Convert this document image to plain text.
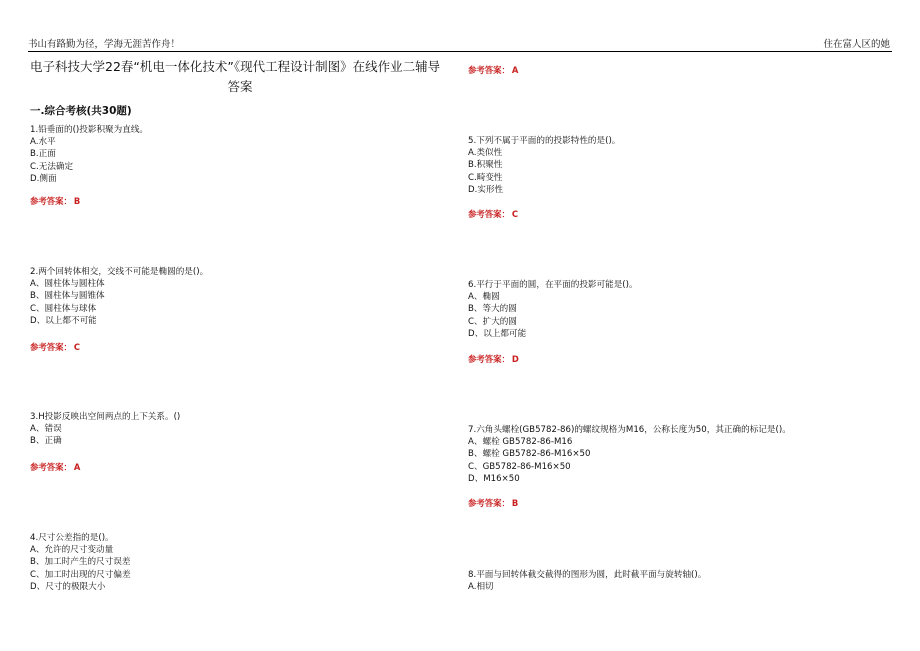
书山有路勤为径，学海无涯苦作舟！	住在富人区的她
电子科技大学22春“机电一体化技术”《现代工程设计制图》在线作业二辅导
答案
一.综合考核(共30题)
1.铅垂面的()投影积聚为直线。
A.水平
B.正面
C.无法确定
D.侧面
参考答案： B
2.两个回转体相交，交线不可能是椭圆的是()。
A、圆柱体与圆柱体
B、圆柱体与圆锥体
C、圆柱体与球体
D、以上都不可能
参考答案： C
3.H投影反映出空间两点的上下关系。()
A、错误
B、正确
参考答案： A
4.尺寸公差指的是()。
A、允许的尺寸变动量
B、加工时产生的尺寸误差
C、加工时出现的尺寸偏差
D、尺寸的极限大小
参考答案： A
5.下列不属于平面的的投影特性的是()。
A.类似性
B.积聚性
C.畸变性
D.实形性
参考答案： C
6.平行于平面的圆，在平面的投影可能是()。
A、椭圆
B、等大的圆
C、扩大的圆
D、以上都可能
参考答案： D
7.六角头螺栓(GB5782-86)的螺纹规格为M16，公称长度为50，其正确的标记是()。
A、螺栓 GB5782-86-M16
B、螺栓 GB5782-86-M16×50
C、GB5782-86-M16×50
D、M16×50
参考答案： B
8.平面与回转体截交截得的图形为圆，此时截平面与旋转轴()。
A.相切
